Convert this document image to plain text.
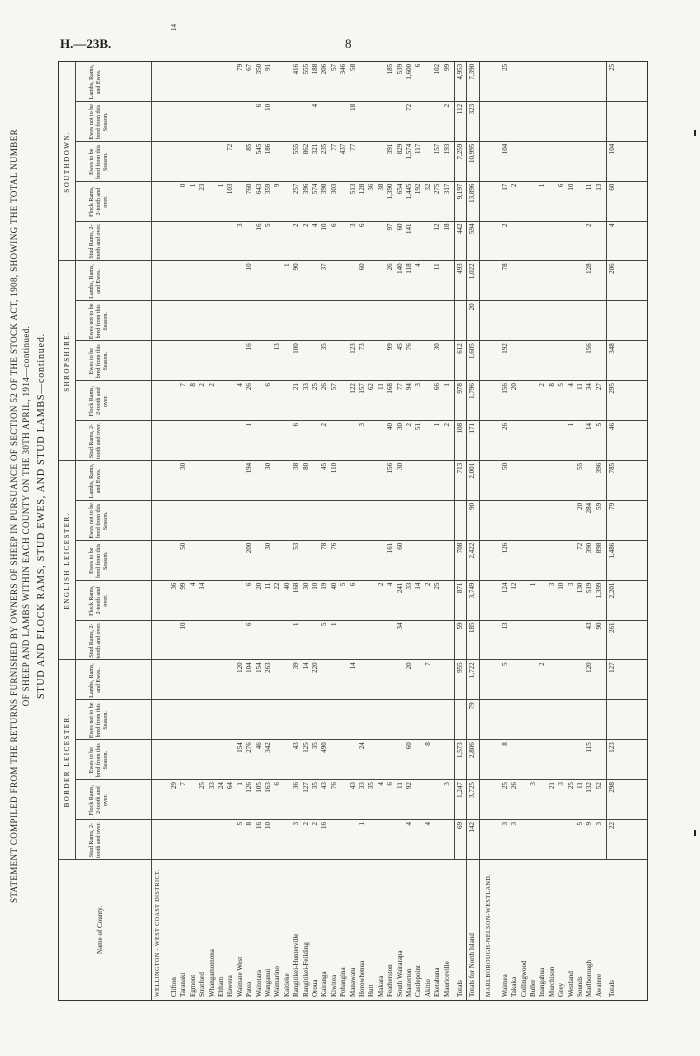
H.—23B.	8
STATEMENT COMPILED FROM THE RETURNS FURNISHED BY OWNERS OF SHEEP IN PURSUANCE OF SECTION 52 OF THE STOCK ACT, 1908, SHOWING THE TOTAL NUMBER OF SHEEP AND LAMBS WITHIN EACH COUNTY ON THE 30TH APRIL, 1914—continued. STUD AND FLOCK RAMS, STUD EWES, AND STUD LAMBS—continued.
Name of County.
BORDER LEICESTER.
Stud Rams, 2-tooth and over.
Flock Rams, 2-tooth and over.
Ewes to be bred from this Season.
Ewes not to be bred from this Season.
Lambs, Rams, and Ewes.
ENGLISH LEICESTER.
Stud Rams, 2-tooth and over.
Flock Rams, 2-tooth and over.
Ewes to be bred from this Season.
Ewes not to be bred from this Season.
Lambs, Rams, and Ewes.
SHROPSHIRE.
Stud Rams, 2-tooth and over.
Flock Rams, 2-tooth and over.
Ewes to be bred from this Season.
Ewes not to be bred from this Season.
Lambs, Rams, and Ewes.
SOUTHDOWN.
Stud Rams, 2-tooth and over.
Flock Rams, 2-tooth and over.
Ewes to be bred from this Season.
Ewes not to be bred from this Season.
Lambs, Rams, and Ewes.
WELLINGTON - WEST COAST DISTRICT. Clifton
29
36
14
Taranaki
7
10
99
50
30
7
0
Egmont
4
8
1
Stratford
25
14
2
23
Whangamomona
33
2
Eltham
24
1
Hawera
64
103
72
Waimate West
5
1
154
120
4
3
79
Patea
8
126
276
104
6
6
200
194
1
26
16
10
760
85
67
Waitotara
16
105
46
154
20
16
643
545
6
350
Wanganui
10
163
342
263
11
30
30
6
5
359
186
10
91
Waimarino
6
22
13
9
Kaitieke
40
1
Rangitikei-Hunterville
3
36
43
39
1
168
53
38
6
21
100
90
2
257
555
416
Rangitikei-Feilding
2
127
125
14
30
80
33
2
396
862
555
Oroua
2
35
35
220
10
25
4
574
321
4
188
Kairanga
16
43
490
5
19
78
45
2
26
35
37
10
398
235
206
Kiwitea
76
1
40
76
110
57
6
303
77
57
Pohangina
5
437
346
Manawatu
43
14
6
122
123
3
513
77
18
58
Horowhenua
1
33
24
3
157
73
60
6
128
Hutt
35
62
36
Makara
4
2
11
38
Featherston
6
4
161
156
40
168
99
26
97
1,390
391
185
South Wairarapa
11
34
241
60
30
30
77
45
140
60
654
829
539
Masterton
4
92
60
20
33
2
94
76
118
141
1,445
1,574
72
1,600
Castlepoint
14
51
3
4
192
117
6
Akitio
4
8
7
2
32
Eketahuna
25
1
66
30
11
12
275
157
102
Mauriceville
3
2
1
18
317
193
2
99
Totals
69
1,247
1,573
955
59
871
708
713
108
978
612
493
442
9,197
7,259
112
4,953
Totals for North Island
142
3,725
2,806
79
1,722
185
3,749
2,422
90
2,001
171
1,796
1,605
20
1,022
594
13,896
10,995
323
7,390
MARLBOROUGH-NELSON-WESTLAND. Waimea
3
25
8
5
13
124
126
50
26
156
192
78
2
17
104
25
Takaka
3
26
12
20
2
Collingwood Buller
3
1
Inangahua
2
2
1
Murchison
21
3
8
Grey
3
10
5
6
Westland
25
3
1
4
10
Sounds
5
11
130
72
20
55
11
Marlborough
9
132
115
120
43
519
390
284
14
34
156
128
2
11
Awatere
3
52
90
1,399
898
59
396
5
27
13
Totals
22
298
123
127
261
2,201
1,486
79
785
46
295
348
206
4
60
104
25
